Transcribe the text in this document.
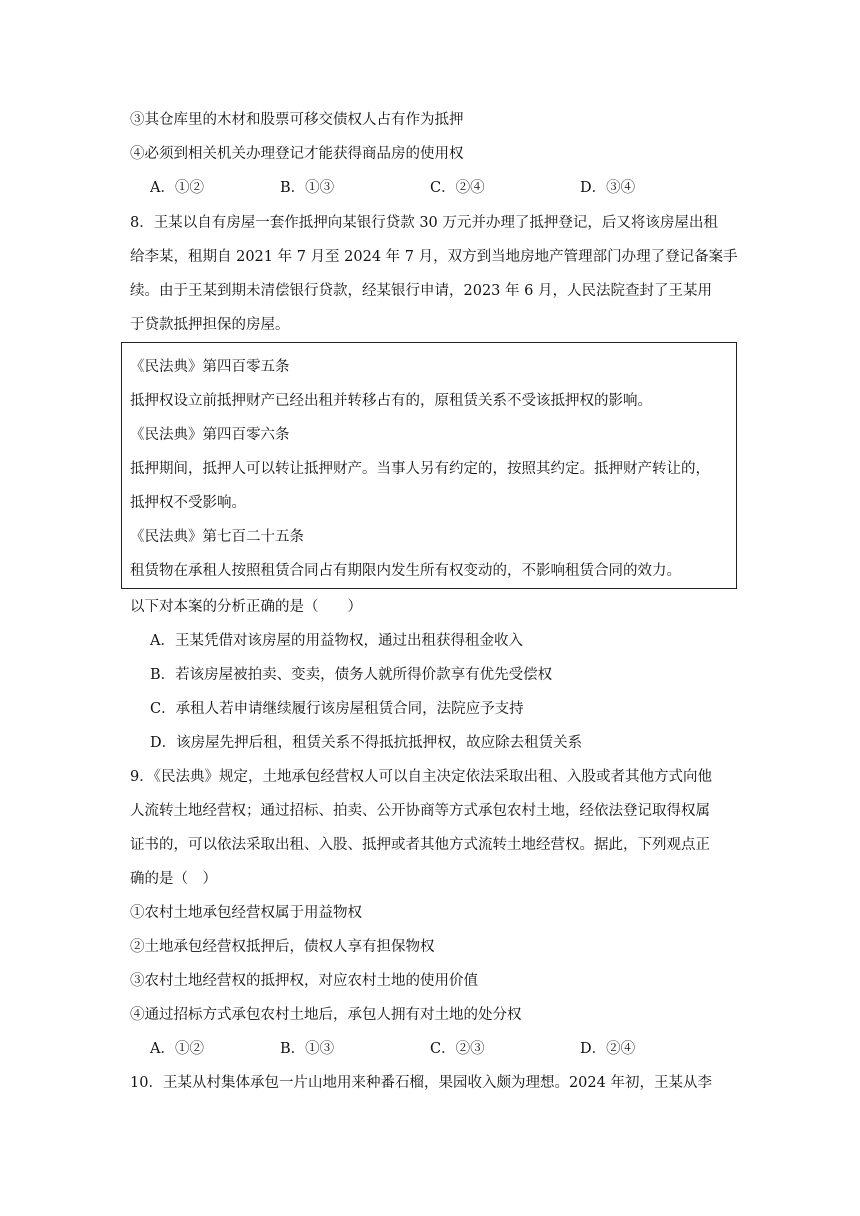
③其仓库里的木材和股票可移交债权人占有作为抵押
④必须到相关机关办理登记才能获得商品房的使用权
A．①②	B．①③	C．②④	D．③④
8．王某以自有房屋一套作抵押向某银行贷款 30 万元并办理了抵押登记，后又将该房屋出租
给李某，租期自 2021 年 7 月至 2024 年 7 月，双方到当地房地产管理部门办理了登记备案手
续。由于王某到期未清偿银行贷款，经某银行申请，2023 年 6 月，人民法院查封了王某用
于贷款抵押担保的房屋。
《民法典》第四百零五条
抵押权设立前抵押财产已经出租并转移占有的，原租赁关系不受该抵押权的影响。
《民法典》第四百零六条
抵押期间，抵押人可以转让抵押财产。当事人另有约定的，按照其约定。抵押财产转让的，
抵押权不受影响。
《民法典》第七百二十五条
租赁物在承租人按照租赁合同占有期限内发生所有权变动的，不影响租赁合同的效力。
以下对本案的分析正确的是（　　）
A．王某凭借对该房屋的用益物权，通过出租获得租金收入
B．若该房屋被拍卖、变卖，债务人就所得价款享有优先受偿权
C．承租人若申请继续履行该房屋租赁合同，法院应予支持
D．该房屋先押后租，租赁关系不得抵抗抵押权，故应除去租赁关系
9．《民法典》规定，土地承包经营权人可以自主决定依法采取出租、入股或者其他方式向他
人流转土地经营权；通过招标、拍卖、公开协商等方式承包农村土地，经依法登记取得权属
证书的，可以依法采取出租、入股、抵押或者其他方式流转土地经营权。据此，下列观点正
确的是（　）
①农村土地承包经营权属于用益物权
②土地承包经营权抵押后，债权人享有担保物权
③农村土地经营权的抵押权，对应农村土地的使用价值
④通过招标方式承包农村土地后，承包人拥有对土地的处分权
A．①②	B．①③	C．②③	D．②④
10．王某从村集体承包一片山地用来种番石榴，果园收入颇为理想。2024 年初，王某从李
